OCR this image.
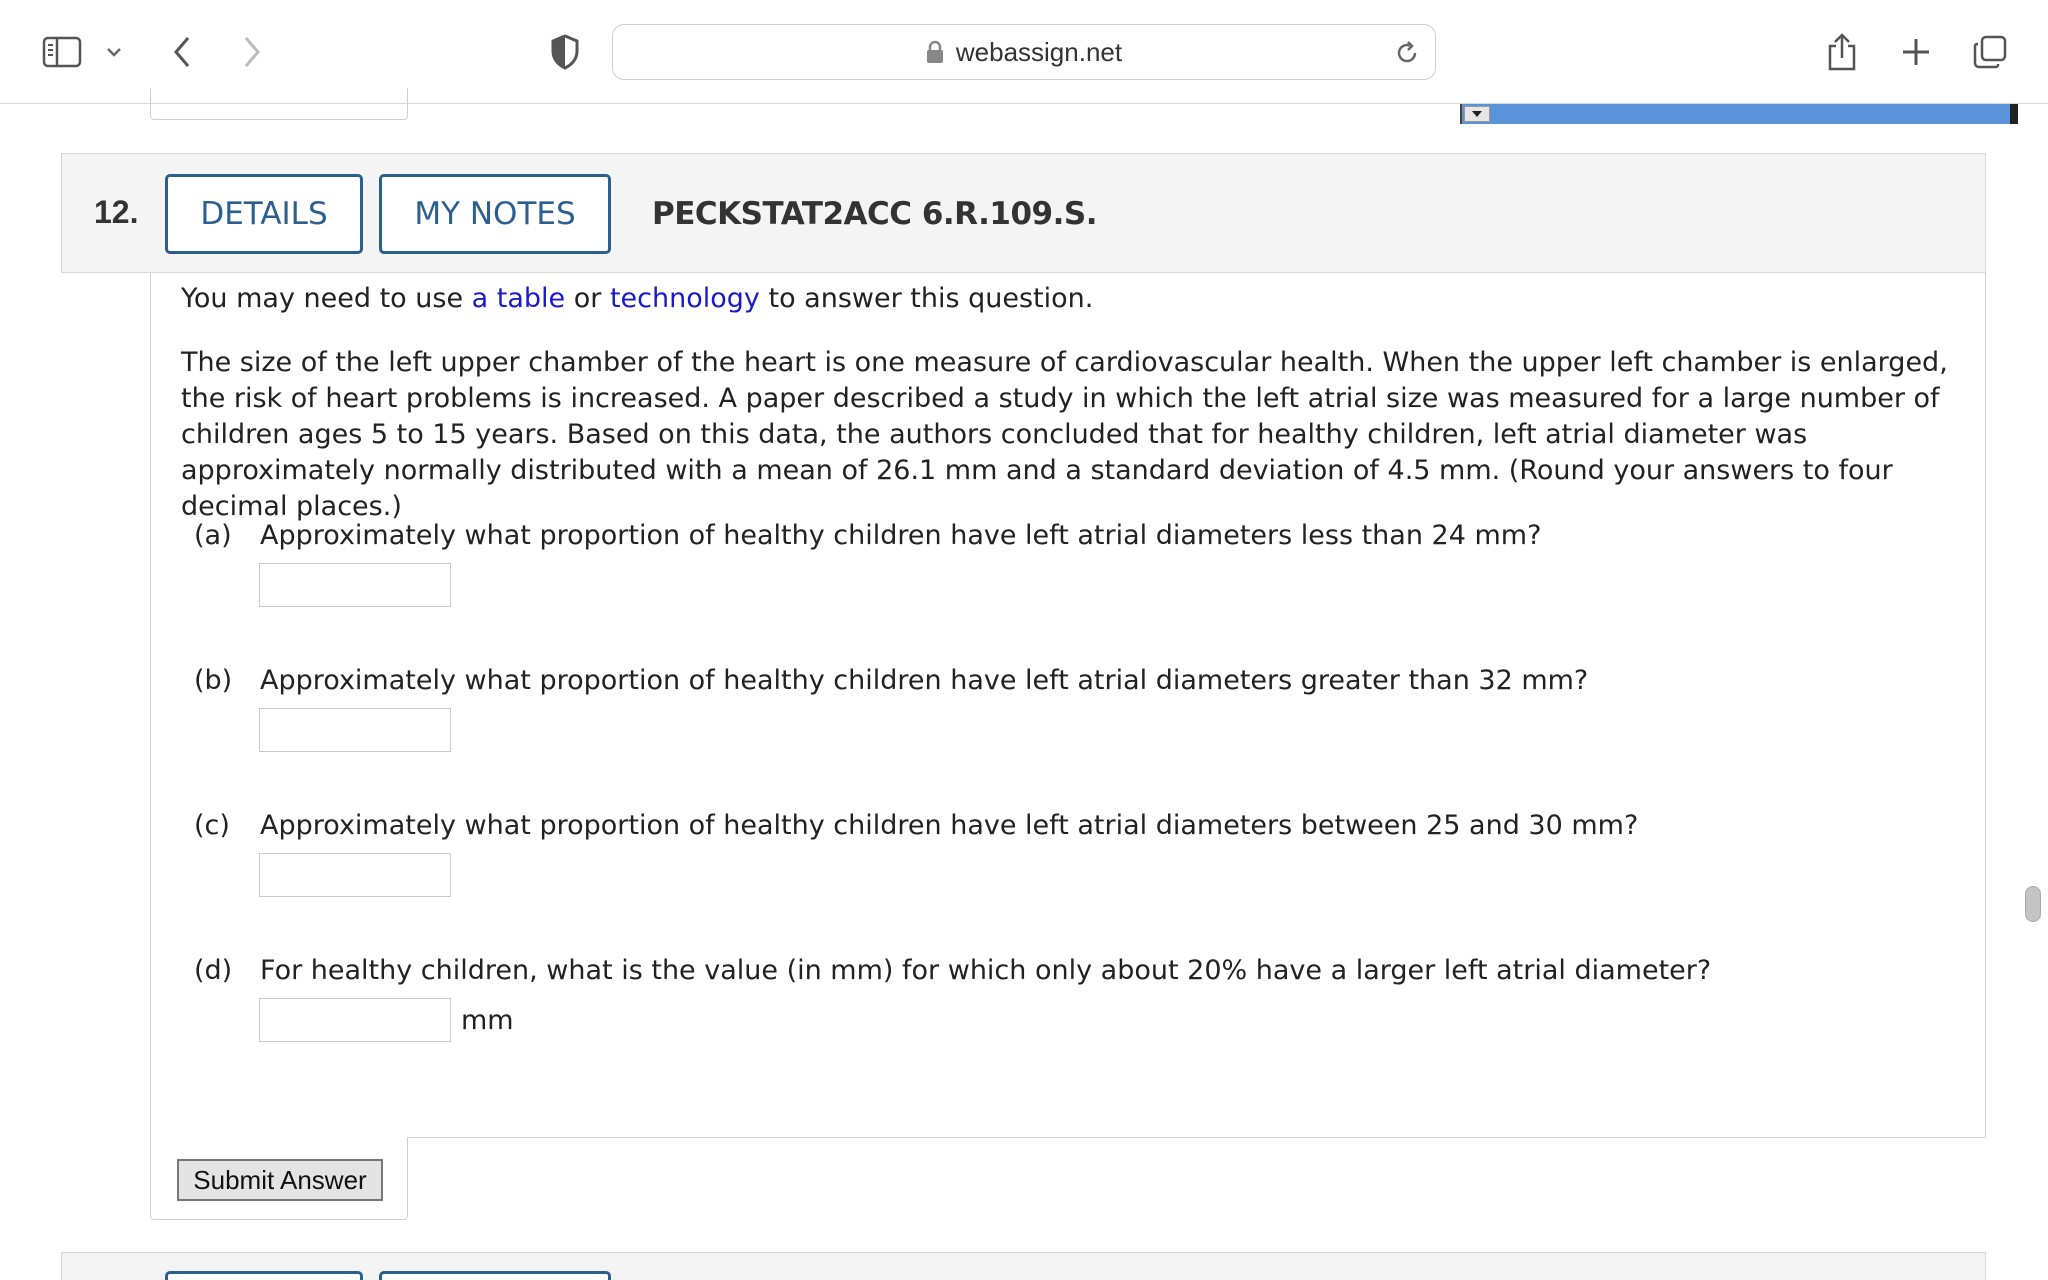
webassign.net
12.	DETAILS	MY NOTES	PECKSTAT2ACC 6.R.109.S.
You may need to use a table or technology to answer this question.
The size of the left upper chamber of the heart is one measure of cardiovascular health. When the upper left chamber is enlarged, the risk of heart problems is increased. A paper described a study in which the left atrial size was measured for a large number of children ages 5 to 15 years. Based on this data, the authors concluded that for healthy children, left atrial diameter was approximately normally distributed with a mean of 26.1 mm and a standard deviation of 4.5 mm. (Round your answers to four decimal places.)
(a) Approximately what proportion of healthy children have left atrial diameters less than 24 mm?
(b) Approximately what proportion of healthy children have left atrial diameters greater than 32 mm?
(c) Approximately what proportion of healthy children have left atrial diameters between 25 and 30 mm?
(d) For healthy children, what is the value (in mm) for which only about 20% have a larger left atrial diameter?
mm
Submit Answer
